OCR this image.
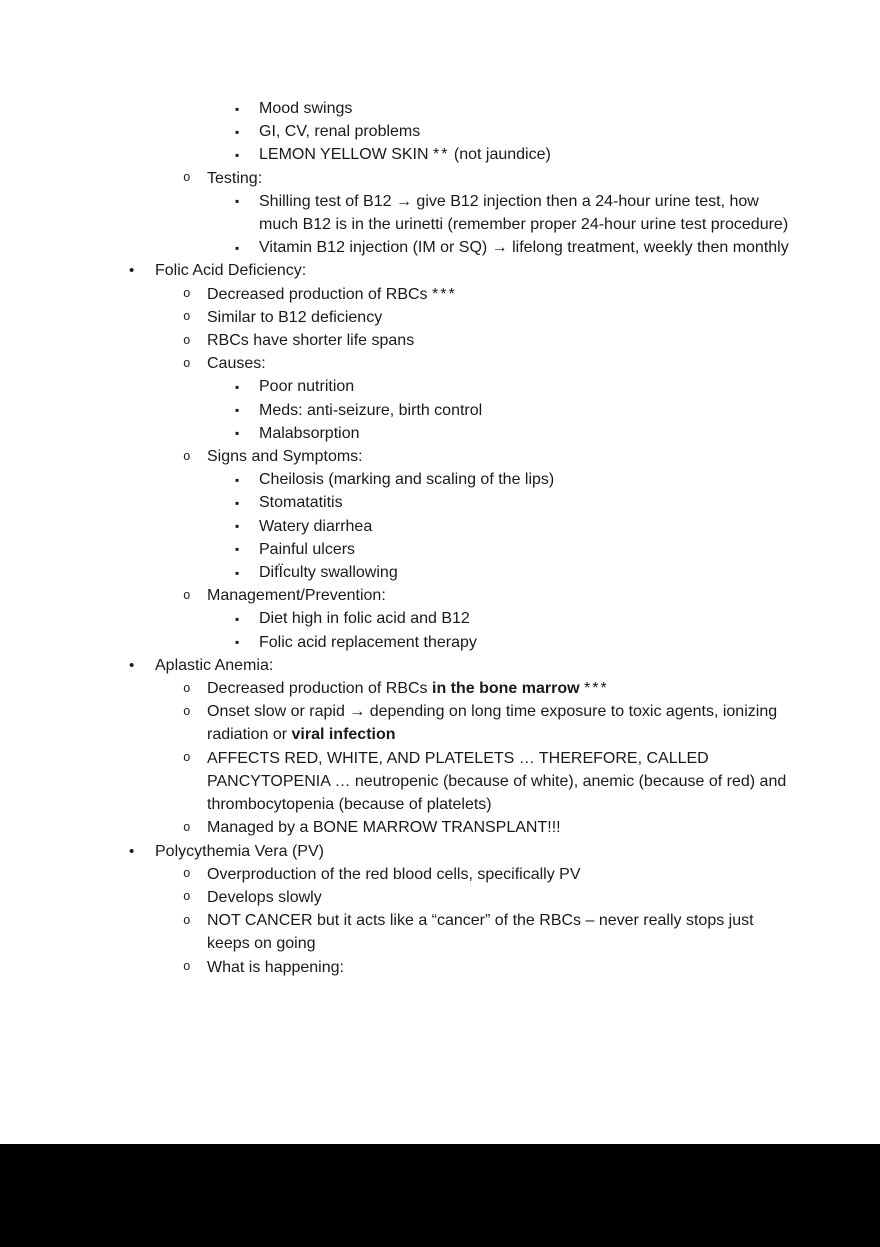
▪ Mood swings
▪ GI, CV, renal problems
▪ LEMON YELLOW SKIN ** (not jaundice)
o Testing:
▪ Shilling test of B12 → give B12 injection then a 24-hour urine test, how much B12 is in the urinetti (remember proper 24-hour urine test procedure)
▪ Vitamin B12 injection (IM or SQ) → lifelong treatment, weekly then monthly
• Folic Acid Deficiency:
o Decreased production of RBCs ***
o Similar to B12 deficiency
o RBCs have shorter life spans
o Causes:
▪ Poor nutrition
▪ Meds: anti-seizure, birth control
▪ Malabsorption
o Signs and Symptoms:
▪ Cheilosis (marking and scaling of the lips)
▪ Stomatatitis
▪ Watery diarrhea
▪ Painful ulcers
▪ DifÏculty swallowing
o Management/Prevention:
▪ Diet high in folic acid and B12
▪ Folic acid replacement therapy
• Aplastic Anemia:
o Decreased production of RBCs in the bone marrow ***
o Onset slow or rapid → depending on long time exposure to toxic agents, ionizing radiation or viral infection
o AFFECTS RED, WHITE, AND PLATELETS … THEREFORE, CALLED PANCYTOPENIA … neutropenic (because of white), anemic (because of red) and thrombocytopenia (because of platelets)
o Managed by a BONE MARROW TRANSPLANT!!!
• Polycythemia Vera (PV)
o Overproduction of the red blood cells, specifically PV
o Develops slowly
o NOT CANCER but it acts like a “cancer” of the RBCs – never really stops just keeps on going
o What is happening:
